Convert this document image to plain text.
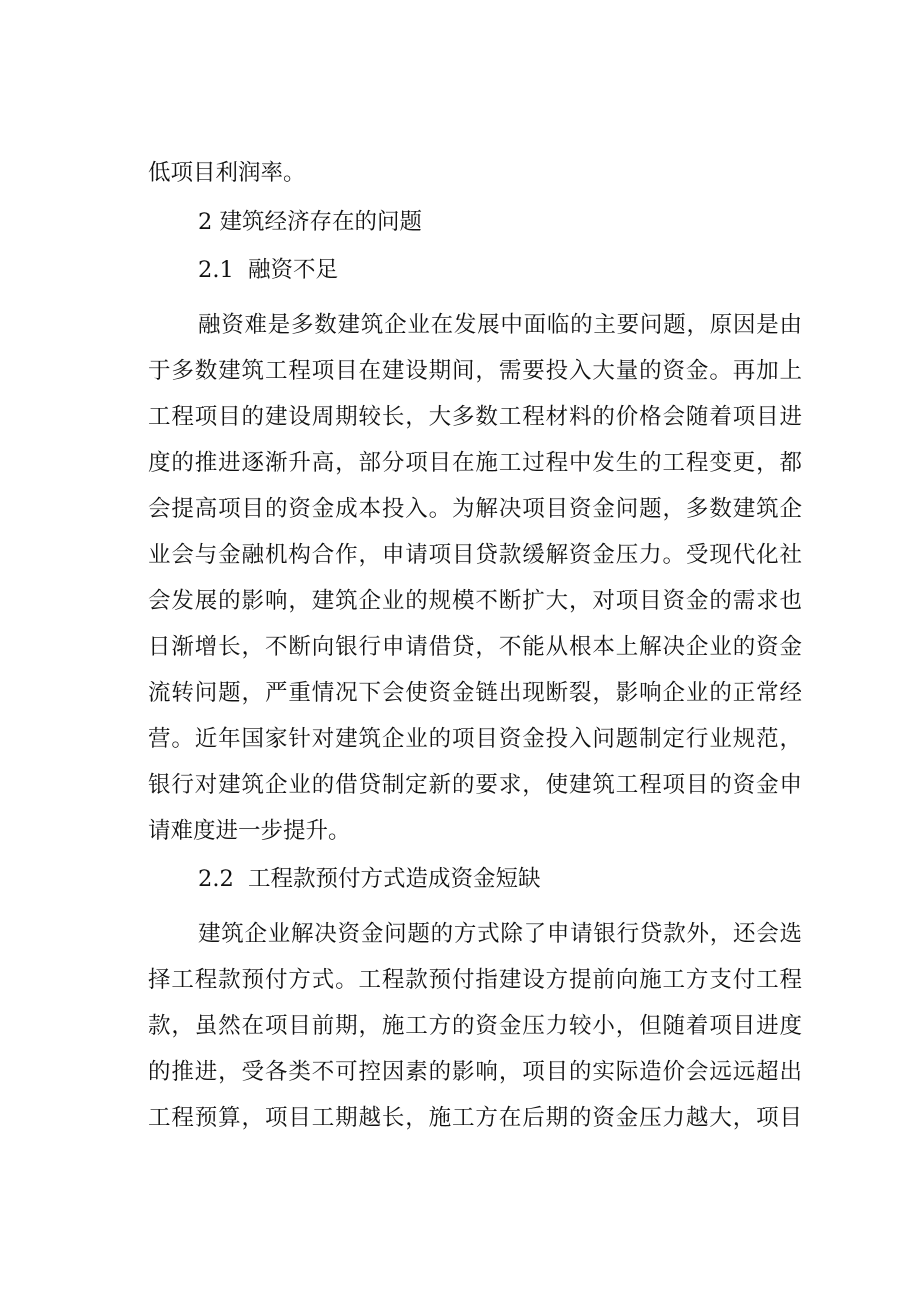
低项目利润率。
2 建筑经济存在的问题
2.1 融资不足
融资难是多数建筑企业在发展中面临的主要问题，原因是由
于多数建筑工程项目在建设期间，需要投入大量的资金。再加上
工程项目的建设周期较长，大多数工程材料的价格会随着项目进
度的推进逐渐升高，部分项目在施工过程中发生的工程变更，都
会提高项目的资金成本投入。为解决项目资金问题，多数建筑企
业会与金融机构合作，申请项目贷款缓解资金压力。受现代化社
会发展的影响，建筑企业的规模不断扩大，对项目资金的需求也
日渐增长，不断向银行申请借贷，不能从根本上解决企业的资金
流转问题，严重情况下会使资金链出现断裂，影响企业的正常经
营。近年国家针对建筑企业的项目资金投入问题制定行业规范，
银行对建筑企业的借贷制定新的要求，使建筑工程项目的资金申
请难度进一步提升。
2.2 工程款预付方式造成资金短缺
建筑企业解决资金问题的方式除了申请银行贷款外，还会选
择工程款预付方式。工程款预付指建设方提前向施工方支付工程
款，虽然在项目前期，施工方的资金压力较小，但随着项目进度
的推进，受各类不可控因素的影响，项目的实际造价会远远超出
工程预算，项目工期越长，施工方在后期的资金压力越大，项目
